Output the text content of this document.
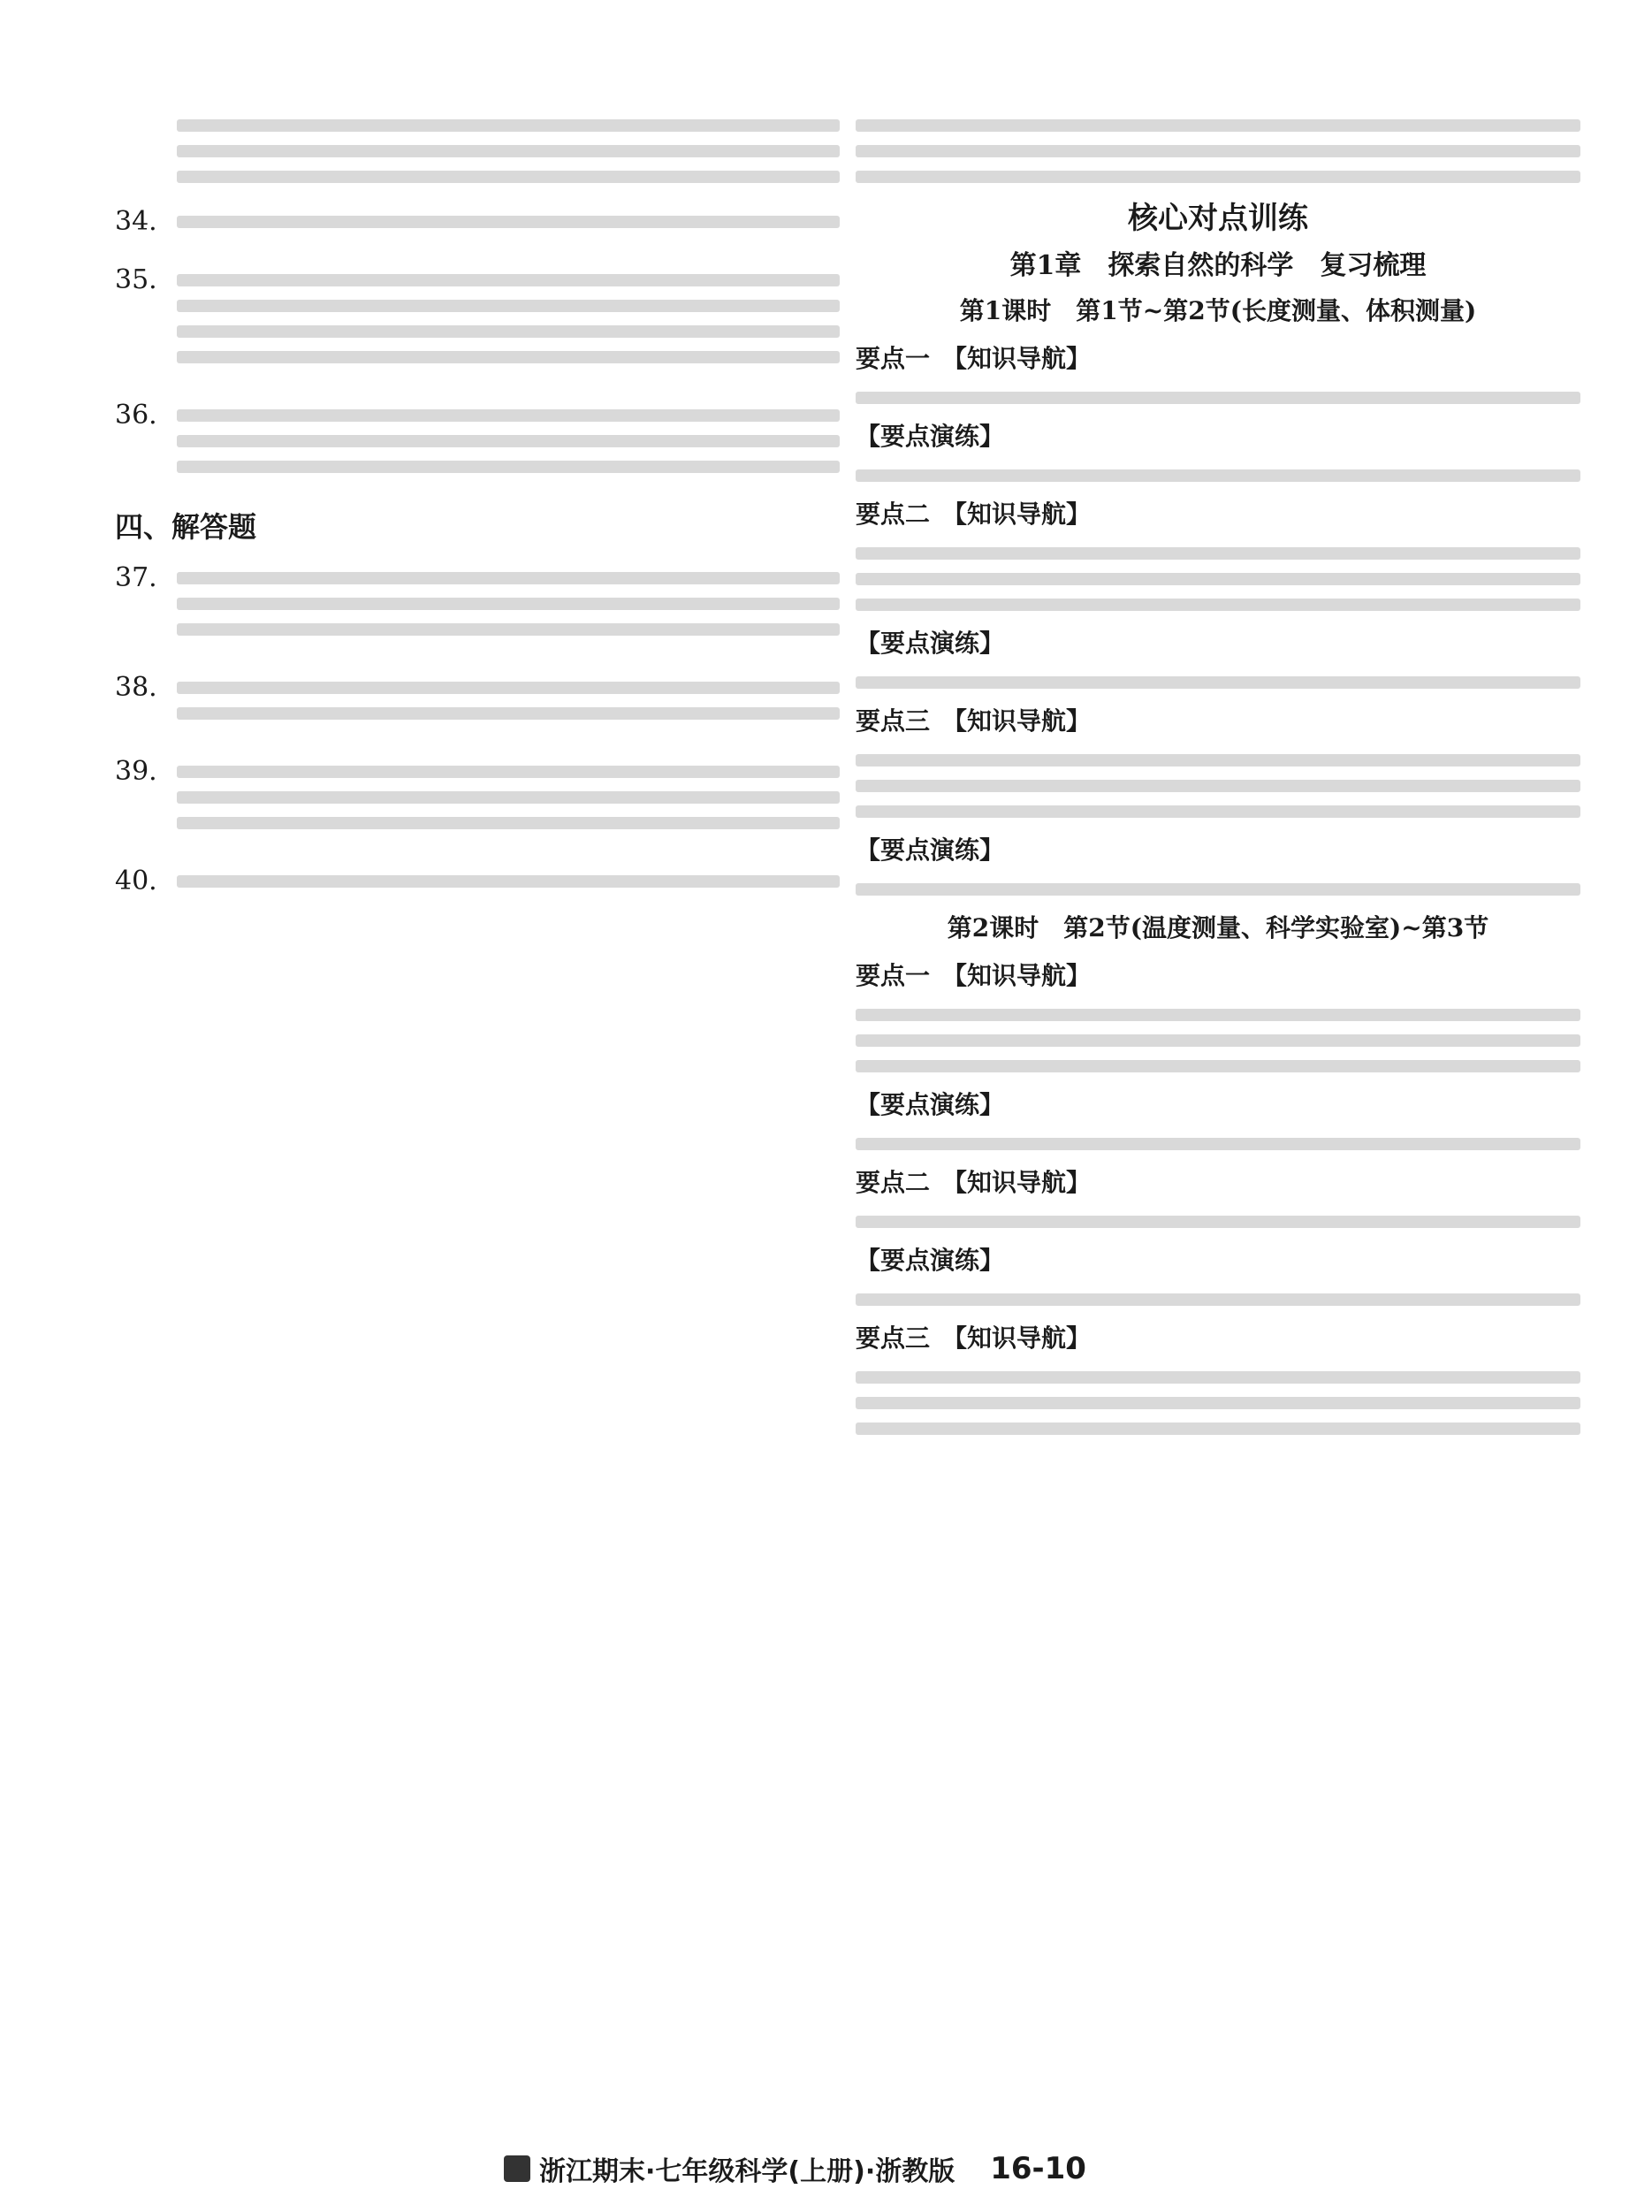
34.
35.
36.
四、解答题
37.
38.
39.
40.
核心对点训练
第1章　探索自然的科学　复习梳理
第1课时　第1节~第2节(长度测量、体积测量)
要点一　【知识导航】
【要点演练】
要点二　【知识导航】
【要点演练】
要点三　【知识导航】
【要点演练】
第2课时　第2节(温度测量、科学实验室)~第3节
要点一　【知识导航】
【要点演练】
要点二　【知识导航】
【要点演练】
要点三　【知识导航】
浙江期末·七年级科学(上册)·浙教版 16-10
